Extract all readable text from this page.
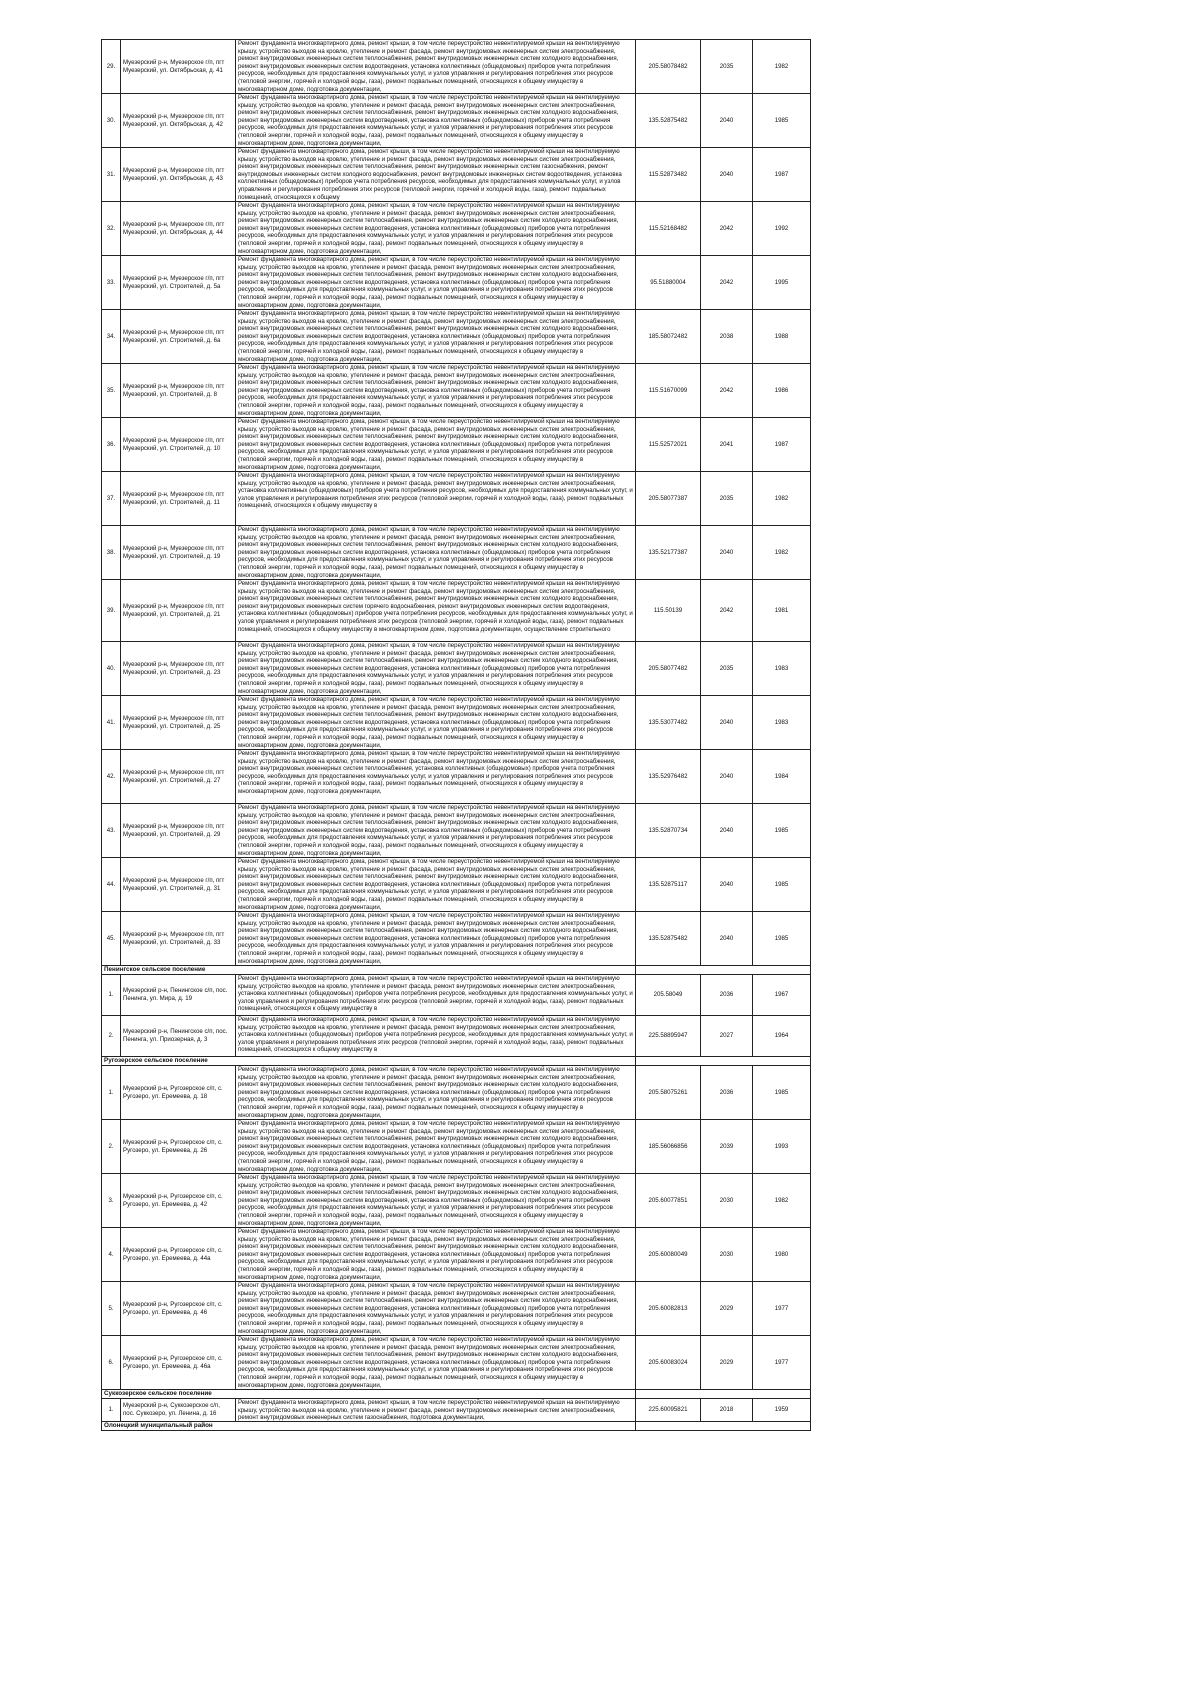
29.	Муезерский р-н, Муезерское г/п, пгт Муезерский, ул. Октябрьская, д. 41	Ремонт фундамента многоквартирного дома, ремонт крыши, в том числе переустройство невентилируемой крыши на вентилируемую крышу, устройство выходов на кровлю, утепление и ремонт фасада, ремонт внутридомовых инженерных систем электроснабжения, ремонт внутридомовых инженерных систем теплоснабжения, ремонт внутридомовых инженерных систем холодного водоснабжения, ремонт внутридомовых инженерных систем водоотведения, установка коллективных (общедомовых) приборов учета потребления ресурсов, необходимых для предоставления коммунальных услуг, и узлов управления и регулирования потребления этих ресурсов (тепловой энергии, горячей и холодной воды, газа), ремонт подвальных помещений, относящихся к общему имуществу в многоквартирном доме, подготовка документации,	205.58078482	2035	1982
30.	Муезерский р-н, Муезерское г/п, пгт Муезерский, ул. Октябрьская, д. 42	Ремонт фундамента многоквартирного дома, ремонт крыши, в том числе переустройство невентилируемой крыши на вентилируемую крышу, устройство выходов на кровлю, утепление и ремонт фасада, ремонт внутридомовых инженерных систем электроснабжения, ремонт внутридомовых инженерных систем теплоснабжения, ремонт внутридомовых инженерных систем холодного водоснабжения, ремонт внутридомовых инженерных систем водоотведения, установка коллективных (общедомовых) приборов учета потребления ресурсов, необходимых для предоставления коммунальных услуг, и узлов управления и регулирования потребления этих ресурсов (тепловой энергии, горячей и холодной воды, газа), ремонт подвальных помещений, относящихся к общему имуществу в многоквартирном доме, подготовка документации,	135.52875482	2040	1985
31.	Муезерский р-н, Муезерское г/п, пгт Муезерский, ул. Октябрьская, д. 43	Ремонт фундамента многоквартирного дома, ремонт крыши, в том числе переустройство невентилируемой крыши на вентилируемую крышу, устройство выходов на кровлю, утепление и ремонт фасада, ремонт внутридомовых инженерных систем электроснабжения, ремонт внутридомовых инженерных систем теплоснабжения, ремонт внутридомовых инженерных систем газоснабжения, ремонт внутридомовых инженерных систем холодного водоснабжения, ремонт внутридомовых инженерных систем водоотведения, установка коллективных (общедомовых) приборов учета потребления ресурсов, необходимых для предоставления коммунальных услуг, и узлов управления и регулирования потребления этих ресурсов (тепловой энергии, горячей и холодной воды, газа), ремонт подвальных помещений, относящихся к общему	115.52873482	2040	1987
32.	Муезерский р-н, Муезерское г/п, пгт Муезерский, ул. Октябрьская, д. 44	Ремонт фундамента многоквартирного дома, ремонт крыши, в том числе переустройство невентилируемой крыши на вентилируемую крышу, устройство выходов на кровлю, утепление и ремонт фасада, ремонт внутридомовых инженерных систем электроснабжения, ремонт внутридомовых инженерных систем теплоснабжения, ремонт внутридомовых инженерных систем холодного водоснабжения, ремонт внутридомовых инженерных систем водоотведения, установка коллективных (общедомовых) приборов учета потребления ресурсов, необходимых для предоставления коммунальных услуг, и узлов управления и регулирования потребления этих ресурсов (тепловой энергии, горячей и холодной воды, газа), ремонт подвальных помещений, относящихся к общему имуществу в многоквартирном доме, подготовка документации,	115.52168482	2042	1992
33.	Муезерский р-н, Муезерское г/п, пгт Муезерский, ул. Строителей, д. 5а	Ремонт фундамента многоквартирного дома, ремонт крыши, в том числе переустройство невентилируемой крыши на вентилируемую крышу, устройство выходов на кровлю, утепление и ремонт фасада, ремонт внутридомовых инженерных систем электроснабжения, ремонт внутридомовых инженерных систем теплоснабжения, ремонт внутридомовых инженерных систем холодного водоснабжения, ремонт внутридомовых инженерных систем водоотведения, установка коллективных (общедомовых) приборов учета потребления ресурсов, необходимых для предоставления коммунальных услуг, и узлов управления и регулирования потребления этих ресурсов (тепловой энергии, горячей и холодной воды, газа), ремонт подвальных помещений, относящихся к общему имуществу в многоквартирном доме, подготовка документации,	95.51880004	2042	1995
34.	Муезерский р-н, Муезерское г/п, пгт Муезерский, ул. Строителей, д. 6а	Ремонт фундамента многоквартирного дома, ремонт крыши, в том числе переустройство невентилируемой крыши на вентилируемую крышу, устройство выходов на кровлю, утепление и ремонт фасада, ремонт внутридомовых инженерных систем электроснабжения, ремонт внутридомовых инженерных систем теплоснабжения, ремонт внутридомовых инженерных систем холодного водоснабжения, ремонт внутридомовых инженерных систем водоотведения, установка коллективных (общедомовых) приборов учета потребления ресурсов, необходимых для предоставления коммунальных услуг, и узлов управления и регулирования потребления этих ресурсов (тепловой энергии, горячей и холодной воды, газа), ремонт подвальных помещений, относящихся к общему имуществу в многоквартирном доме, подготовка документации,	185.58072482	2038	1988
35.	Муезерский р-н, Муезерское г/п, пгт Муезерский, ул. Строителей, д. 8	Ремонт фундамента многоквартирного дома, ремонт крыши, в том числе переустройство невентилируемой крыши на вентилируемую крышу, устройство выходов на кровлю, утепление и ремонт фасада, ремонт внутридомовых инженерных систем электроснабжения, ремонт внутридомовых инженерных систем теплоснабжения, ремонт внутридомовых инженерных систем холодного водоснабжения, ремонт внутридомовых инженерных систем водоотведения, установка коллективных (общедомовых) приборов учета потребления ресурсов, необходимых для предоставления коммунальных услуг, и узлов управления и регулирования потребления этих ресурсов (тепловой энергии, горячей и холодной воды, газа), ремонт подвальных помещений, относящихся к общему имуществу в многоквартирном доме, подготовка документации,	115.51670099	2042	1986
36.	Муезерский р-н, Муезерское г/п, пгт Муезерский, ул. Строителей, д. 10	Ремонт фундамента многоквартирного дома, ремонт крыши, в том числе переустройство невентилируемой крыши на вентилируемую крышу, устройство выходов на кровлю, утепление и ремонт фасада, ремонт внутридомовых инженерных систем электроснабжения, ремонт внутридомовых инженерных систем теплоснабжения, ремонт внутридомовых инженерных систем холодного водоснабжения, ремонт внутридомовых инженерных систем водоотведения, установка коллективных (общедомовых) приборов учета потребления ресурсов, необходимых для предоставления коммунальных услуг, и узлов управления и регулирования потребления этих ресурсов (тепловой энергии, горячей и холодной воды, газа), ремонт подвальных помещений, относящихся к общему имуществу в многоквартирном доме, подготовка документации,	115.52572021	2041	1987
37.	Муезерский р-н, Муезерское г/п, пгт Муезерский, ул. Строителей, д. 11	Ремонт фундамента многоквартирного дома, ремонт крыши, в том числе переустройство невентилируемой крыши на вентилируемую крышу, устройство выходов на кровлю, утепление и ремонт фасада, ремонт внутридомовых инженерных систем электроснабжения, установка коллективных (общедомовых) приборов учета потребления ресурсов, необходимых для предоставления коммунальных услуг, и узлов управления и регулирования потребления этих ресурсов (тепловой энергии, горячей и холодной воды, газа), ремонт подвальных помещений, относящихся к общему имуществу в	205.58077387	2035	1982
38.	Муезерский р-н, Муезерское г/п, пгт Муезерский, ул. Строителей, д. 19	Ремонт фундамента многоквартирного дома, ремонт крыши, в том числе переустройство невентилируемой крыши на вентилируемую крышу, устройство выходов на кровлю, утепление и ремонт фасада, ремонт внутридомовых инженерных систем электроснабжения, ремонт внутридомовых инженерных систем теплоснабжения, ремонт внутридомовых инженерных систем холодного водоснабжения, ремонт внутридомовых инженерных систем водоотведения, установка коллективных (общедомовых) приборов учета потребления ресурсов, необходимых для предоставления коммунальных услуг, и узлов управления и регулирования потребления этих ресурсов (тепловой энергии, горячей и холодной воды, газа), ремонт подвальных помещений, относящихся к общему имуществу в многоквартирном доме, подготовка документации,	135.52177387	2040	1982
39.	Муезерский р-н, Муезерское г/п, пгт Муезерский, ул. Строителей, д. 21	Ремонт фундамента многоквартирного дома, ремонт крыши, в том числе переустройство невентилируемой крыши на вентилируемую крышу, устройство выходов на кровлю, утепление и ремонт фасада, ремонт внутридомовых инженерных систем электроснабжения, ремонт внутридомовых инженерных систем теплоснабжения, ремонт внутридомовых инженерных систем холодного водоснабжения, ремонт внутридомовых инженерных систем горячего водоснабжения, ремонт внутридомовых инженерных систем водоотведения, установка коллективных (общедомовых) приборов учета потребления ресурсов, необходимых для предоставления коммунальных услуг, и узлов управления и регулирования потребления этих ресурсов (тепловой энергии, горячей и холодной воды, газа), ремонт подвальных помещений, относящихся к общему имуществу в многоквартирном доме, подготовка документации, осуществление строительного	115.50139	2042	1981
40.	Муезерский р-н, Муезерское г/п, пгт Муезерский, ул. Строителей, д. 23	Ремонт фундамента многоквартирного дома, ремонт крыши, в том числе переустройство невентилируемой крыши на вентилируемую крышу, устройство выходов на кровлю, утепление и ремонт фасада, ремонт внутридомовых инженерных систем электроснабжения, ремонт внутридомовых инженерных систем теплоснабжения, ремонт внутридомовых инженерных систем холодного водоснабжения, ремонт внутридомовых инженерных систем водоотведения, установка коллективных (общедомовых) приборов учета потребления ресурсов, необходимых для предоставления коммунальных услуг, и узлов управления и регулирования потребления этих ресурсов (тепловой энергии, горячей и холодной воды, газа), ремонт подвальных помещений, относящихся к общему имуществу в многоквартирном доме, подготовка документации,	205.58077482	2035	1983
41.	Муезерский р-н, Муезерское г/п, пгт Муезерский, ул. Строителей, д. 25	Ремонт фундамента многоквартирного дома, ремонт крыши, в том числе переустройство невентилируемой крыши на вентилируемую крышу, устройство выходов на кровлю, утепление и ремонт фасада, ремонт внутридомовых инженерных систем электроснабжения, ремонт внутридомовых инженерных систем теплоснабжения, ремонт внутридомовых инженерных систем холодного водоснабжения, ремонт внутридомовых инженерных систем водоотведения, установка коллективных (общедомовых) приборов учета потребления ресурсов, необходимых для предоставления коммунальных услуг, и узлов управления и регулирования потребления этих ресурсов (тепловой энергии, горячей и холодной воды, газа), ремонт подвальных помещений, относящихся к общему имуществу в многоквартирном доме, подготовка документации,	135.53077482	2040	1983
42.	Муезерский р-н, Муезерское г/п, пгт Муезерский, ул. Строителей, д. 27	Ремонт фундамента многоквартирного дома, ремонт крыши, в том числе переустройство невентилируемой крыши на вентилируемую крышу, устройство выходов на кровлю, утепление и ремонт фасада, ремонт внутридомовых инженерных систем электроснабжения, ремонт внутридомовых инженерных систем теплоснабжения, установка коллективных (общедомовых) приборов учета потребления ресурсов, необходимых для предоставления коммунальных услуг, и узлов управления и регулирования потребления этих ресурсов (тепловой энергии, горячей и холодной воды, газа), ремонт подвальных помещений, относящихся к общему имуществу в многоквартирном доме, подготовка документации,	135.52976482	2040	1984
43.	Муезерский р-н, Муезерское г/п, пгт Муезерский, ул. Строителей, д. 29	Ремонт фундамента многоквартирного дома, ремонт крыши, в том числе переустройство невентилируемой крыши на вентилируемую крышу, устройство выходов на кровлю, утепление и ремонт фасада, ремонт внутридомовых инженерных систем электроснабжения, ремонт внутридомовых инженерных систем теплоснабжения, ремонт внутридомовых инженерных систем холодного водоснабжения, ремонт внутридомовых инженерных систем водоотведения, установка коллективных (общедомовых) приборов учета потребления ресурсов, необходимых для предоставления коммунальных услуг, и узлов управления и регулирования потребления этих ресурсов (тепловой энергии, горячей и холодной воды, газа), ремонт подвальных помещений, относящихся к общему имуществу в многоквартирном доме, подготовка документации,	135.52870734	2040	1985
44.	Муезерский р-н, Муезерское г/п, пгт Муезерский, ул. Строителей, д. 31	Ремонт фундамента многоквартирного дома, ремонт крыши, в том числе переустройство невентилируемой крыши на вентилируемую крышу, устройство выходов на кровлю, утепление и ремонт фасада, ремонт внутридомовых инженерных систем электроснабжения, ремонт внутридомовых инженерных систем теплоснабжения, ремонт внутридомовых инженерных систем холодного водоснабжения, ремонт внутридомовых инженерных систем водоотведения, установка коллективных (общедомовых) приборов учета потребления ресурсов, необходимых для предоставления коммунальных услуг, и узлов управления и регулирования потребления этих ресурсов (тепловой энергии, горячей и холодной воды, газа), ремонт подвальных помещений, относящихся к общему имуществу в многоквартирном доме, подготовка документации,	135.52875117	2040	1985
45.	Муезерский р-н, Муезерское г/п, пгт Муезерский, ул. Строителей, д. 33	Ремонт фундамента многоквартирного дома, ремонт крыши, в том числе переустройство невентилируемой крыши на вентилируемую крышу, устройство выходов на кровлю, утепление и ремонт фасада, ремонт внутридомовых инженерных систем электроснабжения, ремонт внутридомовых инженерных систем теплоснабжения, ремонт внутридомовых инженерных систем холодного водоснабжения, ремонт внутридомовых инженерных систем водоотведения, установка коллективных (общедомовых) приборов учета потребления ресурсов, необходимых для предоставления коммунальных услуг, и узлов управления и регулирования потребления этих ресурсов (тепловой энергии, горячей и холодной воды, газа), ремонт подвальных помещений, относящихся к общему имуществу в многоквартирном доме, подготовка документации,	135.52875482	2040	1985
Пенингское сельское поселение					
1.	Муезерский р-н, Пенингское с/п, пос. Пенинга, ул. Мира, д. 19	Ремонт фундамента многоквартирного дома, ремонт крыши, в том числе переустройство невентилируемой крыши на вентилируемую крышу, устройство выходов на кровлю, утепление и ремонт фасада, ремонт внутридомовых инженерных систем электроснабжения, установка коллективных (общедомовых) приборов учета потребления ресурсов, необходимых для предоставления коммунальных услуг, и узлов управления и регулирования потребления этих ресурсов (тепловой энергии, горячей и холодной воды, газа), ремонт подвальных помещений, относящихся к общему имуществу в	205.58049	2036	1967
2.	Муезерский р-н, Пенингское с/п, пос. Пенинга, ул. Приозерная, д. 3	Ремонт фундамента многоквартирного дома, ремонт крыши, в том числе переустройство невентилируемой крыши на вентилируемую крышу, устройство выходов на кровлю, утепление и ремонт фасада, ремонт внутридомовых инженерных систем электроснабжения, установка коллективных (общедомовых) приборов учета потребления ресурсов, необходимых для предоставления коммунальных услуг, и узлов управления и регулирования потребления этих ресурсов (тепловой энергии, горячей и холодной воды, газа), ремонт подвальных помещений, относящихся к общему имуществу в	225.58895947	2027	1964
Ругозерское сельское поселение					
1.	Муезерский р-н, Ругозерское с/п, с. Ругозеро, ул. Еремеева, д. 18	Ремонт фундамента многоквартирного дома, ремонт крыши, в том числе переустройство невентилируемой крыши на вентилируемую крышу, устройство выходов на кровлю, утепление и ремонт фасада, ремонт внутридомовых инженерных систем электроснабжения, ремонт внутридомовых инженерных систем теплоснабжения, ремонт внутридомовых инженерных систем холодного водоснабжения, ремонт внутридомовых инженерных систем водоотведения, установка коллективных (общедомовых) приборов учета потребления ресурсов, необходимых для предоставления коммунальных услуг, и узлов управления и регулирования потребления этих ресурсов (тепловой энергии, горячей и холодной воды, газа), ремонт подвальных помещений, относящихся к общему имуществу в многоквартирном доме, подготовка документации,	205.58075261	2036	1985
2.	Муезерский р-н, Ругозерское с/п, с. Ругозеро, ул. Еремеева, д. 26	Ремонт фундамента многоквартирного дома, ремонт крыши, в том числе переустройство невентилируемой крыши на вентилируемую крышу, устройство выходов на кровлю, утепление и ремонт фасада, ремонт внутридомовых инженерных систем электроснабжения, ремонт внутридомовых инженерных систем теплоснабжения, ремонт внутридомовых инженерных систем холодного водоснабжения, ремонт внутридомовых инженерных систем водоотведения, установка коллективных (общедомовых) приборов учета потребления ресурсов, необходимых для предоставления коммунальных услуг, и узлов управления и регулирования потребления этих ресурсов (тепловой энергии, горячей и холодной воды, газа), ремонт подвальных помещений, относящихся к общему имуществу в многоквартирном доме, подготовка документации,	185.56066856	2039	1993
3.	Муезерский р-н, Ругозерское с/п, с. Ругозеро, ул. Еремеева, д. 42	Ремонт фундамента многоквартирного дома, ремонт крыши, в том числе переустройство невентилируемой крыши на вентилируемую крышу, устройство выходов на кровлю, утепление и ремонт фасада, ремонт внутридомовых инженерных систем электроснабжения, ремонт внутридомовых инженерных систем теплоснабжения, ремонт внутридомовых инженерных систем холодного водоснабжения, ремонт внутридомовых инженерных систем водоотведения, установка коллективных (общедомовых) приборов учета потребления ресурсов, необходимых для предоставления коммунальных услуг, и узлов управления и регулирования потребления этих ресурсов (тепловой энергии, горячей и холодной воды, газа), ремонт подвальных помещений, относящихся к общему имуществу в многоквартирном доме, подготовка документации,	205.60077851	2030	1982
4.	Муезерский р-н, Ругозерское с/п, с. Ругозеро, ул. Еремеева, д. 44а	Ремонт фундамента многоквартирного дома, ремонт крыши, в том числе переустройство невентилируемой крыши на вентилируемую крышу, устройство выходов на кровлю, утепление и ремонт фасада, ремонт внутридомовых инженерных систем электроснабжения, ремонт внутридомовых инженерных систем теплоснабжения, ремонт внутридомовых инженерных систем холодного водоснабжения, ремонт внутридомовых инженерных систем водоотведения, установка коллективных (общедомовых) приборов учета потребления ресурсов, необходимых для предоставления коммунальных услуг, и узлов управления и регулирования потребления этих ресурсов (тепловой энергии, горячей и холодной воды, газа), ремонт подвальных помещений, относящихся к общему имуществу в многоквартирном доме, подготовка документации,	205.60080049	2030	1980
5.	Муезерский р-н, Ругозерское с/п, с. Ругозеро, ул. Еремеева, д. 46	Ремонт фундамента многоквартирного дома, ремонт крыши, в том числе переустройство невентилируемой крыши на вентилируемую крышу, устройство выходов на кровлю, утепление и ремонт фасада, ремонт внутридомовых инженерных систем электроснабжения, ремонт внутридомовых инженерных систем теплоснабжения, ремонт внутридомовых инженерных систем холодного водоснабжения, ремонт внутридомовых инженерных систем водоотведения, установка коллективных (общедомовых) приборов учета потребления ресурсов, необходимых для предоставления коммунальных услуг, и узлов управления и регулирования потребления этих ресурсов (тепловой энергии, горячей и холодной воды, газа), ремонт подвальных помещений, относящихся к общему имуществу в многоквартирном доме, подготовка документации,	205.60082813	2029	1977
6.	Муезерский р-н, Ругозерское с/п, с. Ругозеро, ул. Еремеева, д. 46а	Ремонт фундамента многоквартирного дома, ремонт крыши, в том числе переустройство невентилируемой крыши на вентилируемую крышу, устройство выходов на кровлю, утепление и ремонт фасада, ремонт внутридомовых инженерных систем электроснабжения, ремонт внутридомовых инженерных систем теплоснабжения, ремонт внутридомовых инженерных систем холодного водоснабжения, ремонт внутридомовых инженерных систем водоотведения, установка коллективных (общедомовых) приборов учета потребления ресурсов, необходимых для предоставления коммунальных услуг, и узлов управления и регулирования потребления этих ресурсов (тепловой энергии, горячей и холодной воды, газа), ремонт подвальных помещений, относящихся к общему имуществу в многоквартирном доме, подготовка документации,	205.60083024	2029	1977
Суккозерское сельское поселение					
1.	Муезерский р-н, Суккозерское с/п, пос. Суккозеро, ул. Ленина, д. 16	Ремонт фундамента многоквартирного дома, ремонт крыши, в том числе переустройство невентилируемой крыши на вентилируемую крышу, устройство выходов на кровлю, утепление и ремонт фасада, ремонт внутридомовых инженерных систем электроснабжения, ремонт внутридомовых инженерных систем газоснабжения, подготовка документации,	225.60095821	2018	1959
Олонецкий муниципальный район					
